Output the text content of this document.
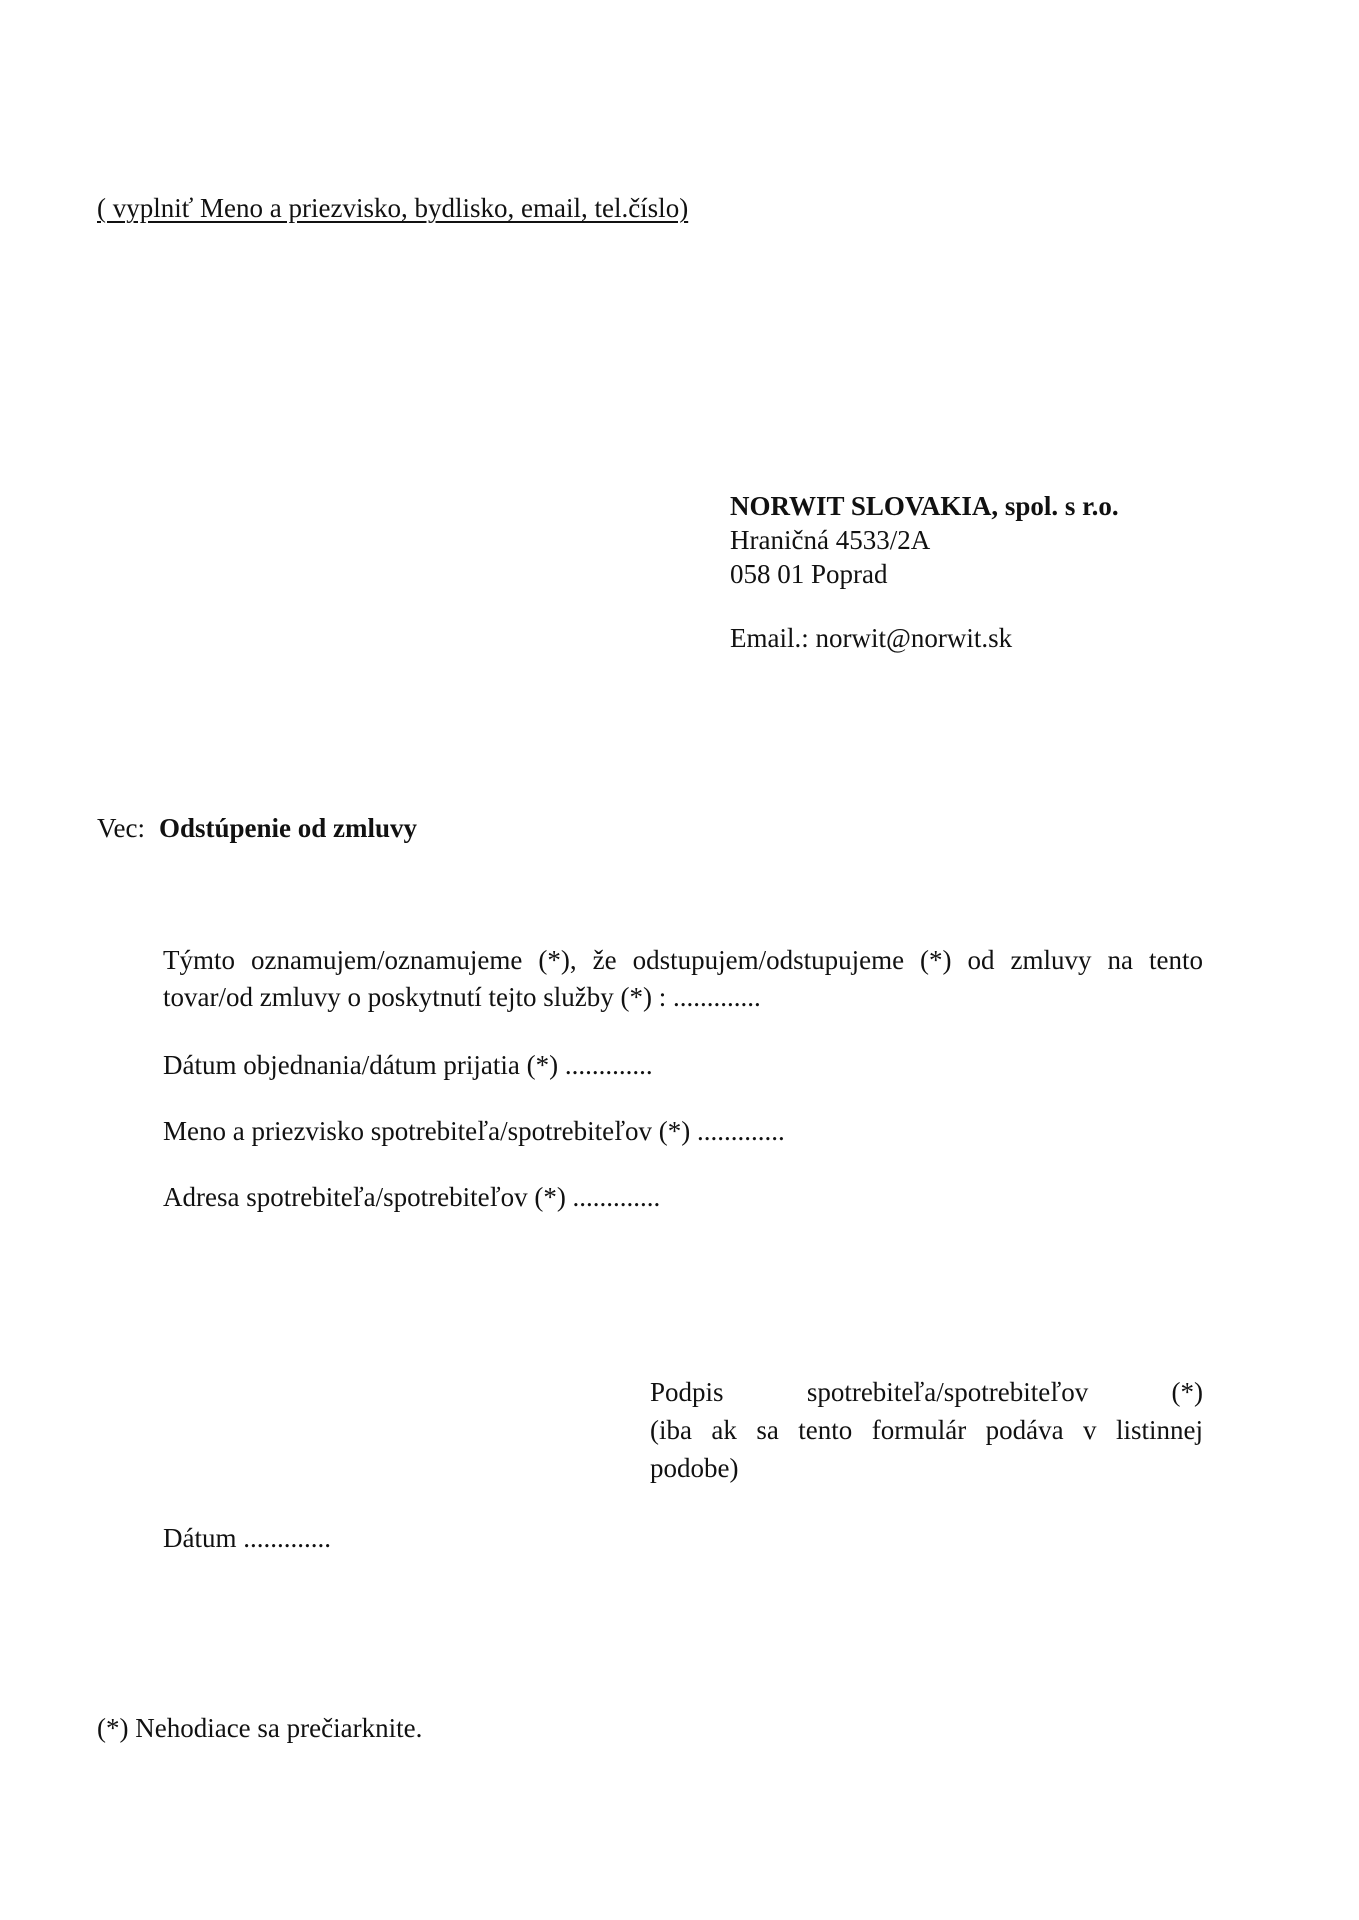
( vyplniť Meno a priezvisko, bydlisko, email, tel.číslo)
NORWIT SLOVAKIA, spol. s r.o.
Hraničná 4533/2A
058 01 Poprad
Email.: norwit@norwit.sk
Vec: Odstúpenie od zmluvy
Týmto oznamujem/oznamujeme (*), že odstupujem/odstupujeme (*) od zmluvy na tento tovar/od zmluvy o poskytnutí tejto služby (*) : .............
Dátum objednania/dátum prijatia (*) .............
Meno a priezvisko spotrebiteľa/spotrebiteľov (*) .............
Adresa spotrebiteľa/spotrebiteľov (*) .............
Podpis	spotrebiteľa/spotrebiteľov	(*)
(iba ak sa tento formulár podáva v listinnej podobe)
Dátum .............
(*) Nehodiace sa prečiarknite.
